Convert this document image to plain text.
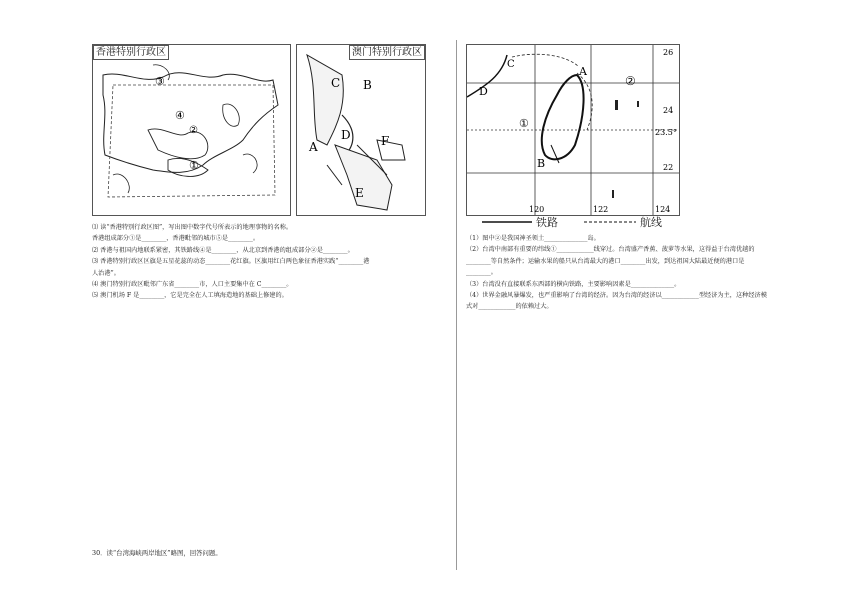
③
④
②
①
香港特别行政区
C B
D
A	F
E
澳门特别行政区
D
C
A
①
②
B
26
24
23.5°
22
120	122	124
铁路	航线
⑴ 读“香港特别行政区图”，写出图中数字代号所表示的地理事物的名称。
香港组成部分①是________，香港毗邻的城市⑤是________。
⑵ 香港与祖国内地联系紧密，其铁路线④是________，从北京到香港的组成部分②是________。
⑶ 香港特别行政区区旗是五星花蕊的动态________花红旗。区旗用红白两色象征香港实践“________港
人治港”。
⑷ 澳门特别行政区毗邻广东省________市，人口主要集中在 C________。
⑸ 澳门机场 F 是________，它是完全在人工填海造地的基础上修建的。
（1）图中②是我国神圣领土______________岛。
（2）台湾中南部有重要的纬线①____________线穿过。台湾盛产香蕉、菠萝等水果，这得益于台湾优越的
________等自然条件；运输水果的船只从台湾最大的港口________出发，到达祖国大陆最近便的港口是
________。
（3）台湾没有直接联系东西部的横向铁路，主要影响因素是______________。
（4）世界金融风暴爆发，也严重影响了台湾的经济。因为台湾的经济以____________型经济为主，这种经济模
式对____________的依赖过大。
30．读“台湾海峡两岸地区”略图，回答问题。
